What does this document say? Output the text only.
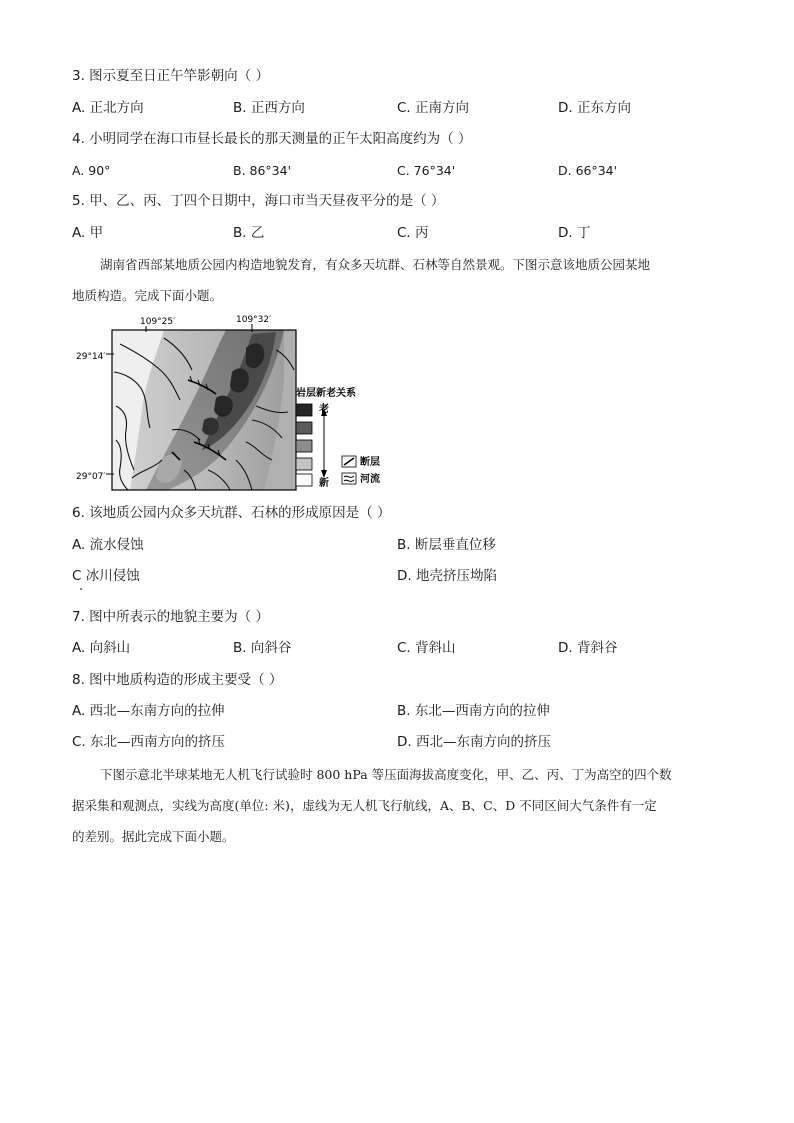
3. 图示夏至日正午竿影朝向（ ）
A. 正北方向	B. 正西方向	C. 正南方向	D. 正东方向
4. 小明同学在海口市昼长最长的那天测量的正午太阳高度约为（ ）
A. 90°	B. 86°34'	C. 76°34'	D. 66°34'
5. 甲、乙、丙、丁四个日期中，海口市当天昼夜平分的是（ ）
A. 甲	B. 乙	C. 丙	D. 丁
湖南省西部某地质公园内构造地貌发育，有众多天坑群、石林等自然景观。下图示意该地质公园某地
地质构造。完成下面小题。
109°25′	109°32′
29°14′
29°07′
岩层新老关系
老
新
断层
河流
6. 该地质公园内众多天坑群、石林的形成原因是（ ）
A. 流水侵蚀	B. 断层垂直位移
C 冰川侵蚀	D. 地壳挤压坳陷
7. 图中所表示的地貌主要为（ ）
A. 向斜山	B. 向斜谷	C. 背斜山	D. 背斜谷
8. 图中地质构造的形成主要受（ ）
A. 西北—东南方向的拉伸	B. 东北—西南方向的拉伸
C. 东北—西南方向的挤压	D. 西北—东南方向的挤压
下图示意北半球某地无人机飞行试验时 800 hPa 等压面海拔高度变化，甲、乙、丙、丁为高空的四个数
据采集和观测点，实线为高度(单位: 米)，虚线为无人机飞行航线，A、B、C、D 不同区间大气条件有一定
的差别。据此完成下面小题。
